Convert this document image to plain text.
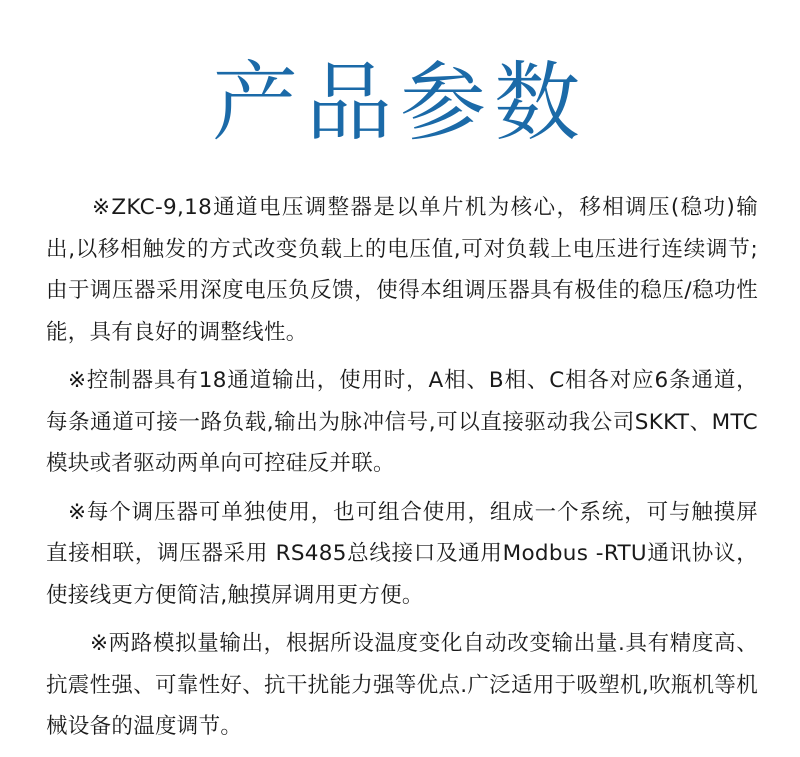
产品参数

※ZKC-9,18通道电压调整器是以单片机为核心，移相调压(稳功)输出,以移相触发的方式改变负载上的电压值,可对负载上电压进行连续调节;由于调压器采用深度电压负反馈，使得本组调压器具有极佳的稳压/稳功性能，具有良好的调整线性。

※控制器具有18通道输出，使用时，A相、B相、C相各对应6条通道，每条通道可接一路负载,输出为脉冲信号,可以直接驱动我公司SKKT、MTC模块或者驱动两单向可控硅反并联。

※每个调压器可单独使用，也可组合使用，组成一个系统，可与触摸屏直接相联，调压器采用 RS485总线接口及通用Modbus -RTU通讯协议，使接线更方便简洁,触摸屏调用更方便。

※两路模拟量输出，根据所设温度变化自动改变输出量.具有精度高、抗震性强、可靠性好、抗干扰能力强等优点.广泛适用于吸塑机,吹瓶机等机械设备的温度调节。
